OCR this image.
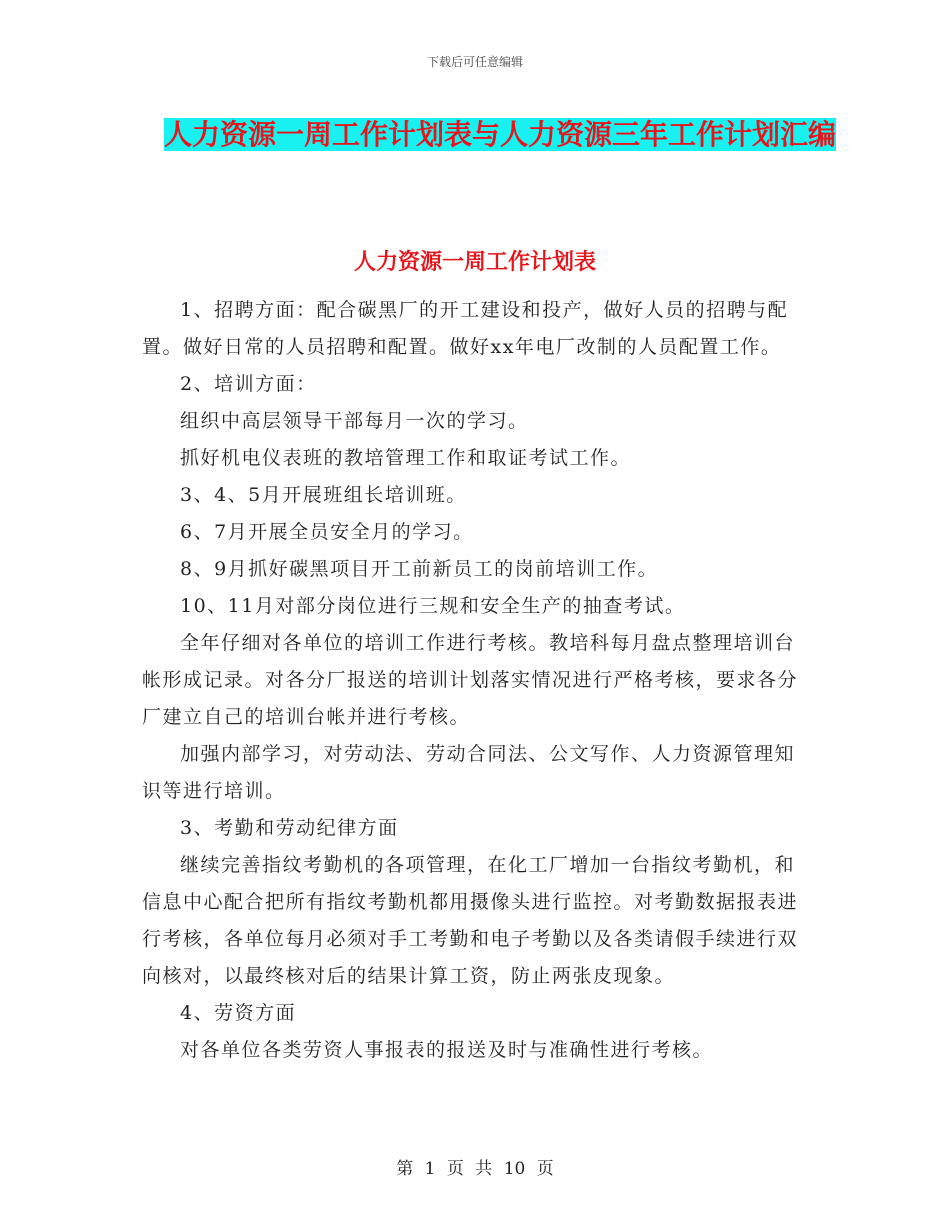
下载后可任意编辑
人力资源一周工作计划表与人力资源三年工作计划汇编
人力资源一周工作计划表

1、招聘方面：配合碳黑厂的开工建设和投产，做好人员的招聘与配置。做好日常的人员招聘和配置。做好xx年电厂改制的人员配置工作。

2、培训方面：

组织中高层领导干部每月一次的学习。

抓好机电仪表班的教培管理工作和取证考试工作。

3、4、5月开展班组长培训班。

6、7月开展全员安全月的学习。

8、9月抓好碳黑项目开工前新员工的岗前培训工作。

10、11月对部分岗位进行三规和安全生产的抽查考试。

全年仔细对各单位的培训工作进行考核。教培科每月盘点整理培训台帐形成记录。对各分厂报送的培训计划落实情况进行严格考核，要求各分厂建立自己的培训台帐并进行考核。

加强内部学习，对劳动法、劳动合同法、公文写作、人力资源管理知识等进行培训。

3、考勤和劳动纪律方面

继续完善指纹考勤机的各项管理，在化工厂增加一台指纹考勤机，和信息中心配合把所有指纹考勤机都用摄像头进行监控。对考勤数据报表进行考核，各单位每月必须对手工考勤和电子考勤以及各类请假手续进行双向核对，以最终核对后的结果计算工资，防止两张皮现象。

4、劳资方面

对各单位各类劳资人事报表的报送及时与准确性进行考核。

第 1 页 共 10 页
